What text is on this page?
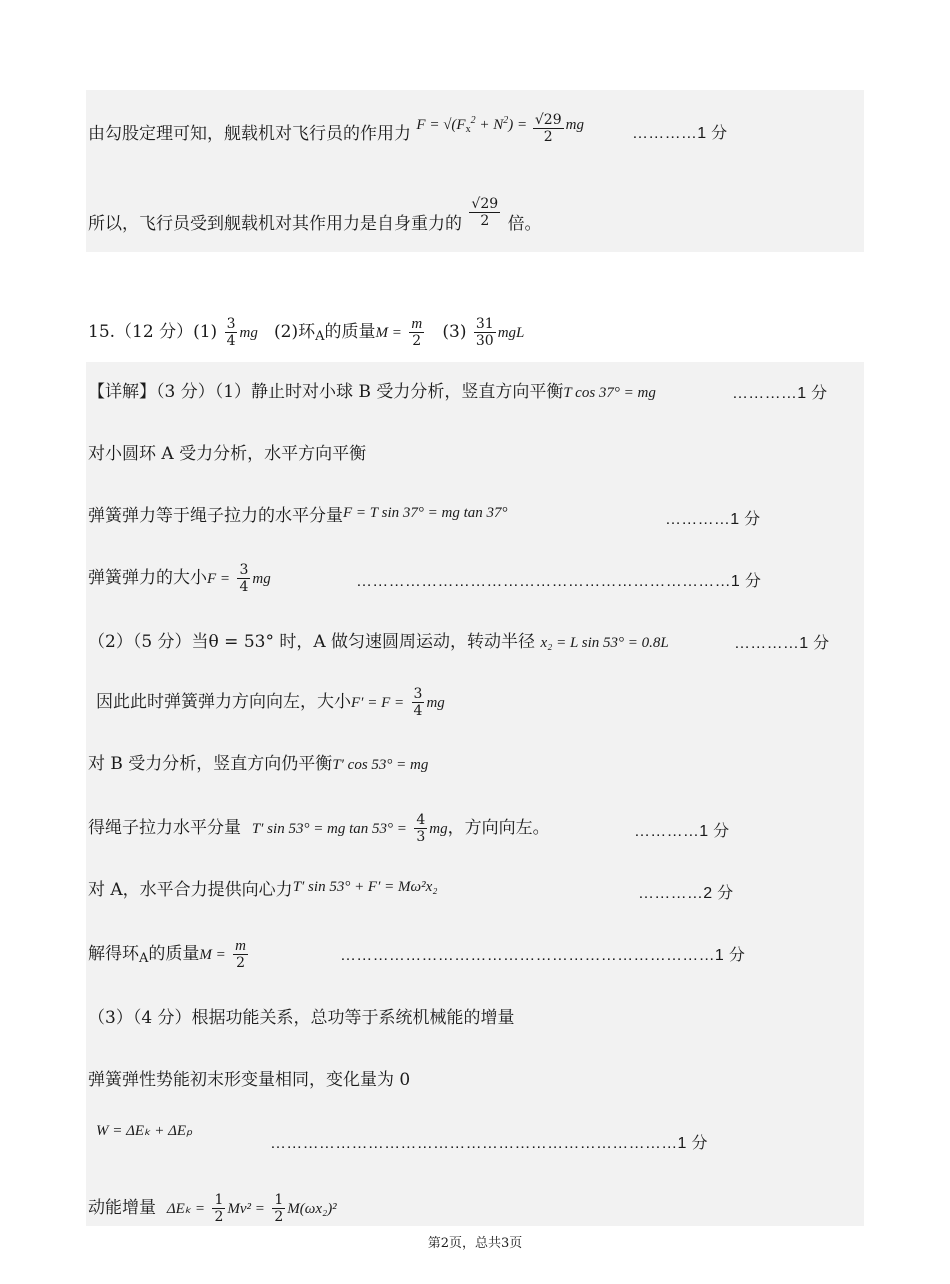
由勾股定理可知，舰载机对飞行员的作用力 $F = √(F_x^2 + N^2) = \frac{√29}{2}$ mg	…………1 分
所以，飞行员受到舰载机对其作用力是自身重力的 $\frac{√29}{2}$ 倍。
15.（12 分）$(1) \frac{3}{4}$ mg (2)环$_A$的质量$M = \frac{m}{2} (3) \frac{31}{30}$ mgL
【详解】（3 分）（1）静止时对小球 B 受力分析，竖直方向平衡T cos 37° = mg	…………1 分
对小圆环 A 受力分析，水平方向平衡
弹簧弹力等于绳子拉力的水平分量F = T sin 37° = mg tan 37°	…………1 分
弹簧弹力的大小$F = \frac{3}{4}$ mg	……………………………………………………………1 分
（2）（5 分）当θ = 53° 时，A 做匀速圆周运动，转动半径 x₂ = L sin 53° = 0.8L	…………1 分
因此此时弹簧弹力方向向左，大小$F' = F = \frac{3}{4}$ mg
对 B 受力分析，竖直方向仍平衡T′ cos 53° = mg
得绳子拉力水平分量 T′ sin 53° = mg $\tan 53^\circ = \frac{4}{3}$ mg，方向向左。	…………1 分
对 A，水平合力提供向心力T′ sin 53° + F′ = Mω²x₂	…………2 分
解得环$_A$的质量$M = \frac{m}{2}$	……………………………………………………………1 分
（3）（4 分）根据功能关系，总功等于系统机械能的增量
弹簧弹性势能初末形变量相同，变化量为 0
W = ΔEₖ + ΔEₚ
…………………………………………………………………1 分
动能增量 $\Delta E_k = \frac{1}{2} Mv^2 = \frac{1}{2} M(\omega x_2)^2$
第2页，总共3页
